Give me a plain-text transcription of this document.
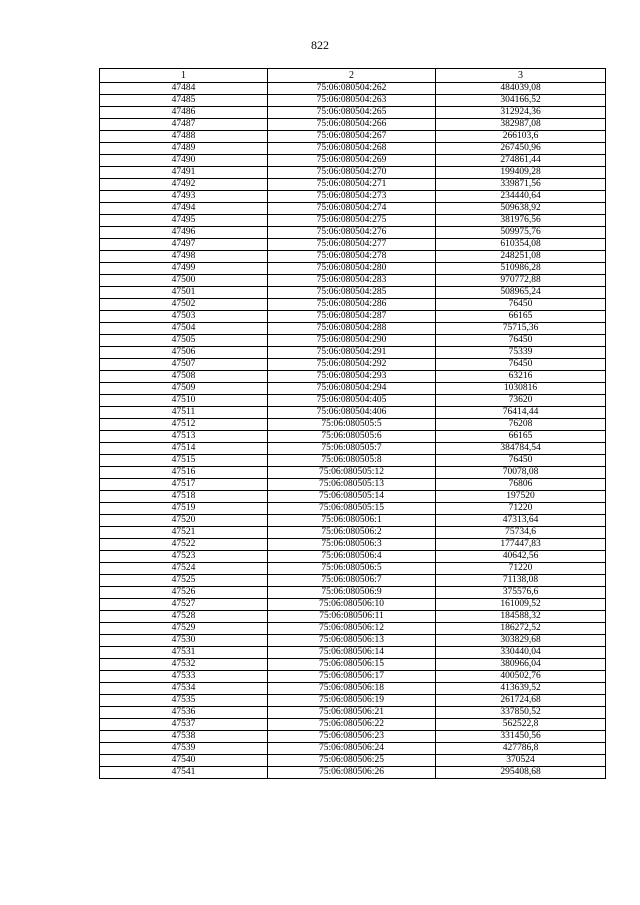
822
1	2	3
47484	75:06:080504:262	484039,08
47485	75:06:080504:263	304166,52
47486	75:06:080504:265	312924,36
47487	75:06:080504:266	382987,08
47488	75:06:080504:267	266103,6
47489	75:06:080504:268	267450,96
47490	75:06:080504:269	274861,44
47491	75:06:080504:270	199409,28
47492	75:06:080504:271	339871,56
47493	75:06:080504:273	234440,64
47494	75:06:080504:274	509638,92
47495	75:06:080504:275	381976,56
47496	75:06:080504:276	509975,76
47497	75:06:080504:277	610354,08
47498	75:06:080504:278	248251,08
47499	75:06:080504:280	510986,28
47500	75:06:080504:283	970772,88
47501	75:06:080504:285	508965,24
47502	75:06:080504:286	76450
47503	75:06:080504:287	66165
47504	75:06:080504:288	75715,36
47505	75:06:080504:290	76450
47506	75:06:080504:291	75339
47507	75:06:080504:292	76450
47508	75:06:080504:293	63216
47509	75:06:080504:294	1030816
47510	75:06:080504:405	73620
47511	75:06:080504:406	76414,44
47512	75:06:080505:5	76208
47513	75:06:080505:6	66165
47514	75:06:080505:7	384784,54
47515	75:06:080505:8	76450
47516	75:06:080505:12	70078,08
47517	75:06:080505:13	76806
47518	75:06:080505:14	197520
47519	75:06:080505:15	71220
47520	75:06:080506:1	47313,64
47521	75:06:080506:2	75734,6
47522	75:06:080506:3	177447,83
47523	75:06:080506:4	40642,56
47524	75:06:080506:5	71220
47525	75:06:080506:7	71138,08
47526	75:06:080506:9	375576,6
47527	75:06:080506:10	161009,52
47528	75:06:080506:11	184588,32
47529	75:06:080506:12	186272,52
47530	75:06:080506:13	303829,68
47531	75:06:080506:14	330440,04
47532	75:06:080506:15	380966,04
47533	75:06:080506:17	400502,76
47534	75:06:080506:18	413639,52
47535	75:06:080506:19	261724,68
47536	75:06:080506:21	337850,52
47537	75:06:080506:22	562522,8
47538	75:06:080506:23	331450,56
47539	75:06:080506:24	427786,8
47540	75:06:080506:25	370524
47541	75:06:080506:26	295408,68
